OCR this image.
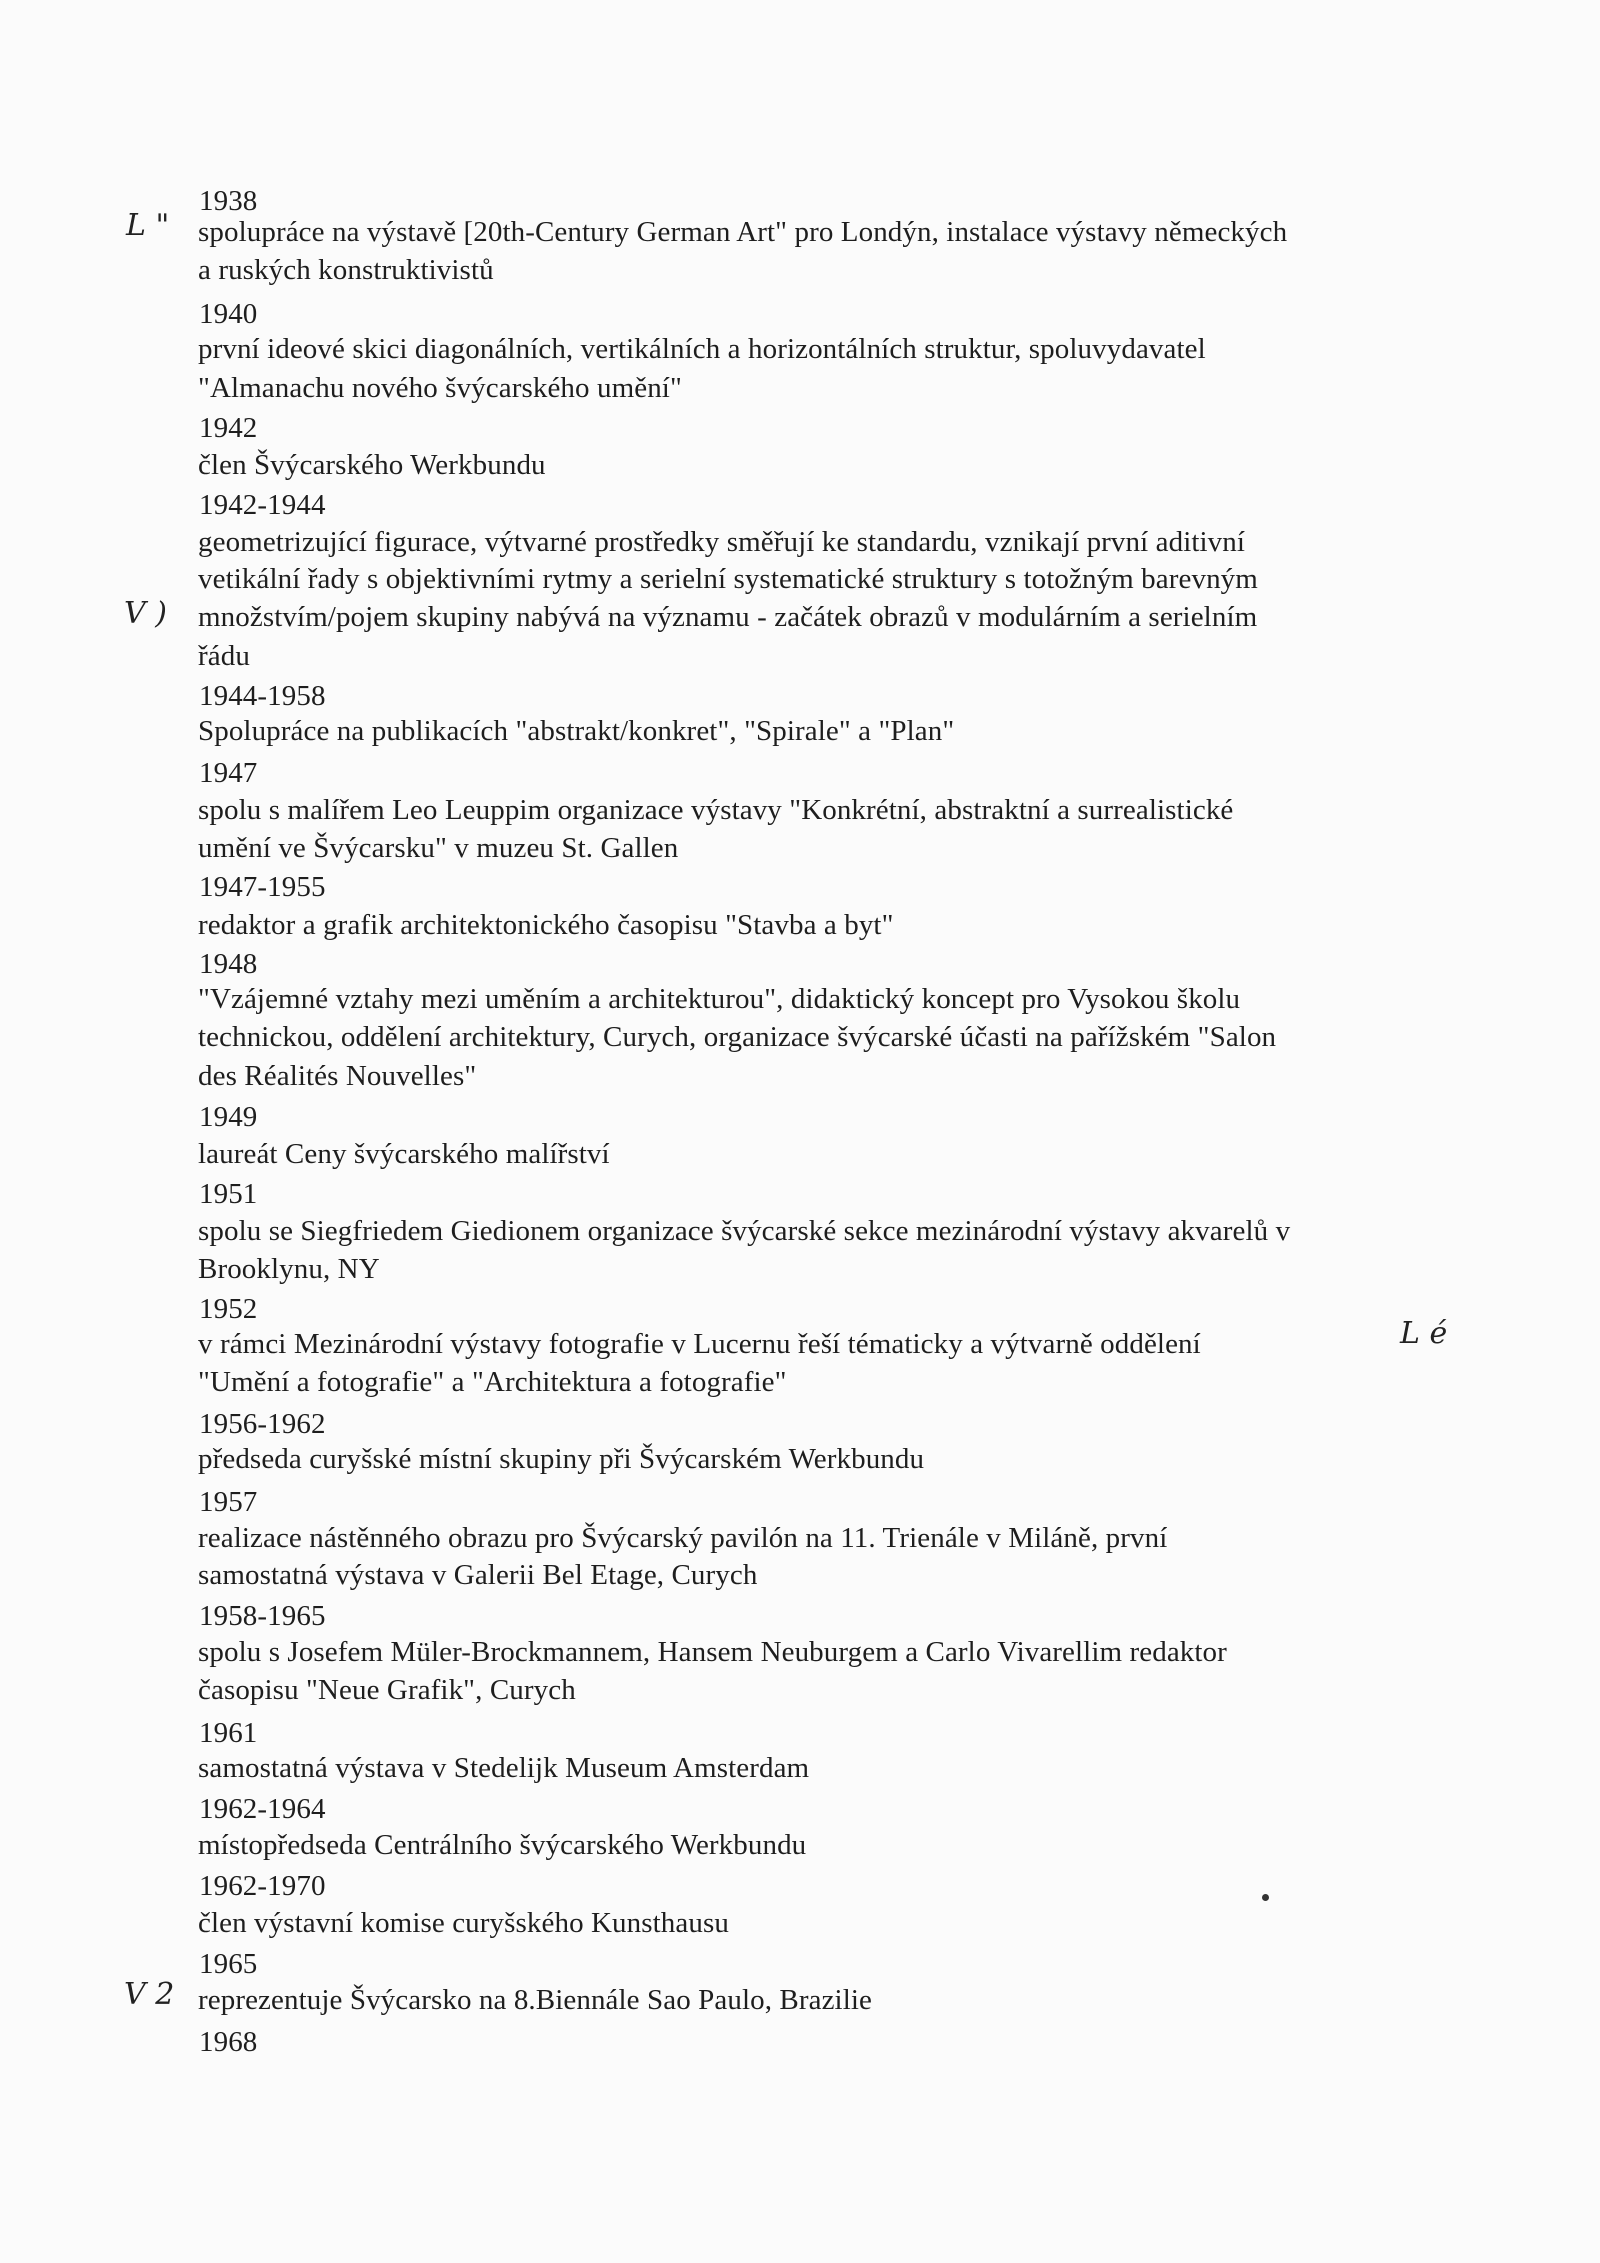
1938
spolupráce na výstavě [20th-Century German Art" pro Londýn, instalace výstavy německých
a ruských konstruktivistů
1940
první ideové skici diagonálních, vertikálních a horizontálních struktur, spoluvydavatel
"Almanachu nového švýcarského umění"
1942
člen Švýcarského Werkbundu
1942-1944
geometrizující figurace, výtvarné prostředky směřují ke standardu, vznikají první aditivní
vetikální řady s objektivními rytmy a serielní systematické struktury s totožným barevným
množstvím/pojem skupiny nabývá na významu - začátek obrazů v modulárním a serielním
řádu
1944-1958
Spolupráce na publikacích "abstrakt/konkret", "Spirale" a "Plan"
1947
spolu s malířem Leo Leuppim organizace výstavy "Konkrétní, abstraktní a surrealistické
umění ve Švýcarsku" v muzeu St. Gallen
1947-1955
redaktor a grafik architektonického časopisu "Stavba a byt"
1948
"Vzájemné vztahy mezi uměním a architekturou", didaktický koncept pro Vysokou školu
technickou, oddělení architektury, Curych, organizace švýcarské účasti na pařížském "Salon
des Réalités Nouvelles"
1949
laureát Ceny švýcarského malířství
1951
spolu se Siegfriedem Giedionem organizace švýcarské sekce mezinárodní výstavy akvarelů v
Brooklynu, NY
1952
v rámci Mezinárodní výstavy fotografie v Lucernu řeší tématicky a výtvarně oddělení
"Umění a fotografie" a "Architektura a fotografie"
1956-1962
předseda curyšské místní skupiny při Švýcarském Werkbundu
1957
realizace nástěnného obrazu pro Švýcarský pavilón na 11. Trienále v Miláně, první
samostatná výstava v Galerii Bel Etage, Curych
1958-1965
spolu s Josefem Müler-Brockmannem, Hansem Neuburgem a Carlo Vivarellim redaktor
časopisu "Neue Grafik", Curych
1961
samostatná výstava v Stedelijk Museum Amsterdam
1962-1964
místopředseda Centrálního švýcarského Werkbundu
1962-1970
člen výstavní komise curyšského Kunsthausu
1965
reprezentuje Švýcarsko na 8.Biennále Sao Paulo, Brazilie
1968
L "
V )
L é
V 2
